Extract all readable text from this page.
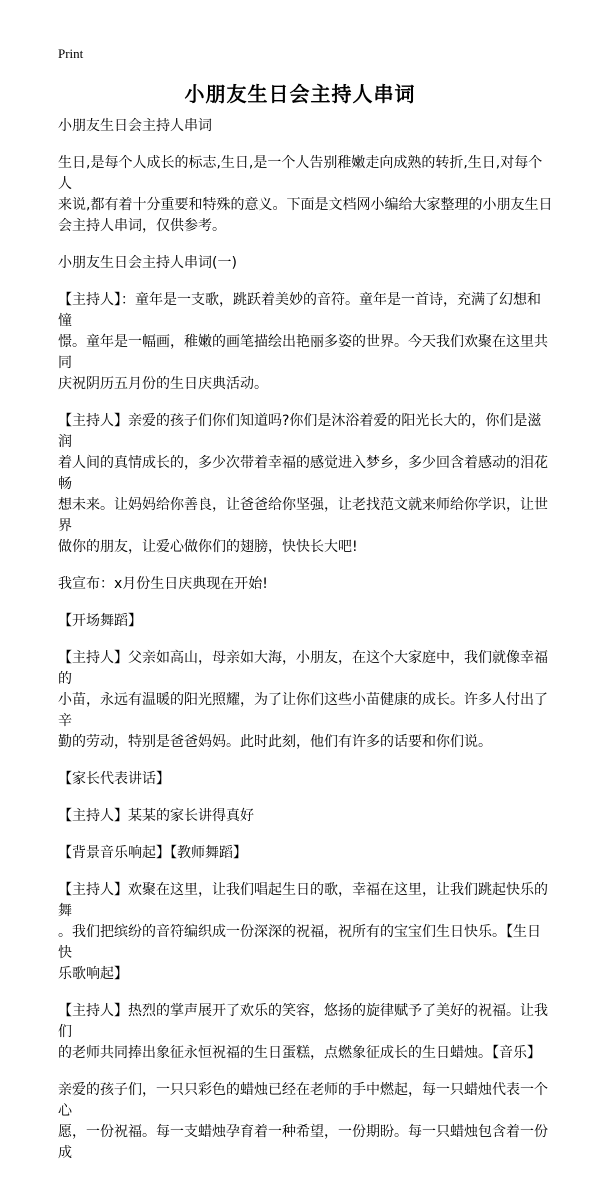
Print
小朋友生日会主持人串词

小朋友生日会主持人串词

生日,是每个人成长的标志,生日,是一个人告别稚嫩走向成熟的转折,生日,对每个人
来说,都有着十分重要和特殊的意义。下面是文档网小编给大家整理的小朋友生日
会主持人串词，仅供参考。

小朋友生日会主持人串词(一)

【主持人】：童年是一支歌，跳跃着美妙的音符。童年是一首诗，充满了幻想和憧
憬。童年是一幅画，稚嫩的画笔描绘出艳丽多姿的世界。今天我们欢聚在这里共同
庆祝阴历五月份的生日庆典活动。

【主持人】亲爱的孩子们你们知道吗?你们是沐浴着爱的阳光长大的，你们是滋润
着人间的真情成长的，多少次带着幸福的感觉进入梦乡，多少回含着感动的泪花畅
想未来。让妈妈给你善良，让爸爸给你坚强，让老找范文就来师给你学识，让世界
做你的朋友，让爱心做你们的翅膀，快快长大吧!

我宣布：x月份生日庆典现在开始!

【开场舞蹈】

【主持人】父亲如高山，母亲如大海，小朋友，在这个大家庭中，我们就像幸福的
小苗，永远有温暖的阳光照耀，为了让你们这些小苗健康的成长。许多人付出了辛
勤的劳动，特别是爸爸妈妈。此时此刻，他们有许多的话要和你们说。

【家长代表讲话】

【主持人】某某的家长讲得真好

【背景音乐响起】【教师舞蹈】

【主持人】欢聚在这里，让我们唱起生日的歌，幸福在这里，让我们跳起快乐的舞
。我们把缤纷的音符编织成一份深深的祝福，祝所有的宝宝们生日快乐。【生日快
乐歌响起】

【主持人】热烈的掌声展开了欢乐的笑容，悠扬的旋律赋予了美好的祝福。让我们
的老师共同捧出象征永恒祝福的生日蛋糕，点燃象征成长的生日蜡烛。【音乐】

亲爱的孩子们，一只只彩色的蜡烛已经在老师的手中燃起，每一只蜡烛代表一个心
愿，一份祝福。每一支蜡烛孕育着一种希望，一份期盼。每一只蜡烛包含着一份成
